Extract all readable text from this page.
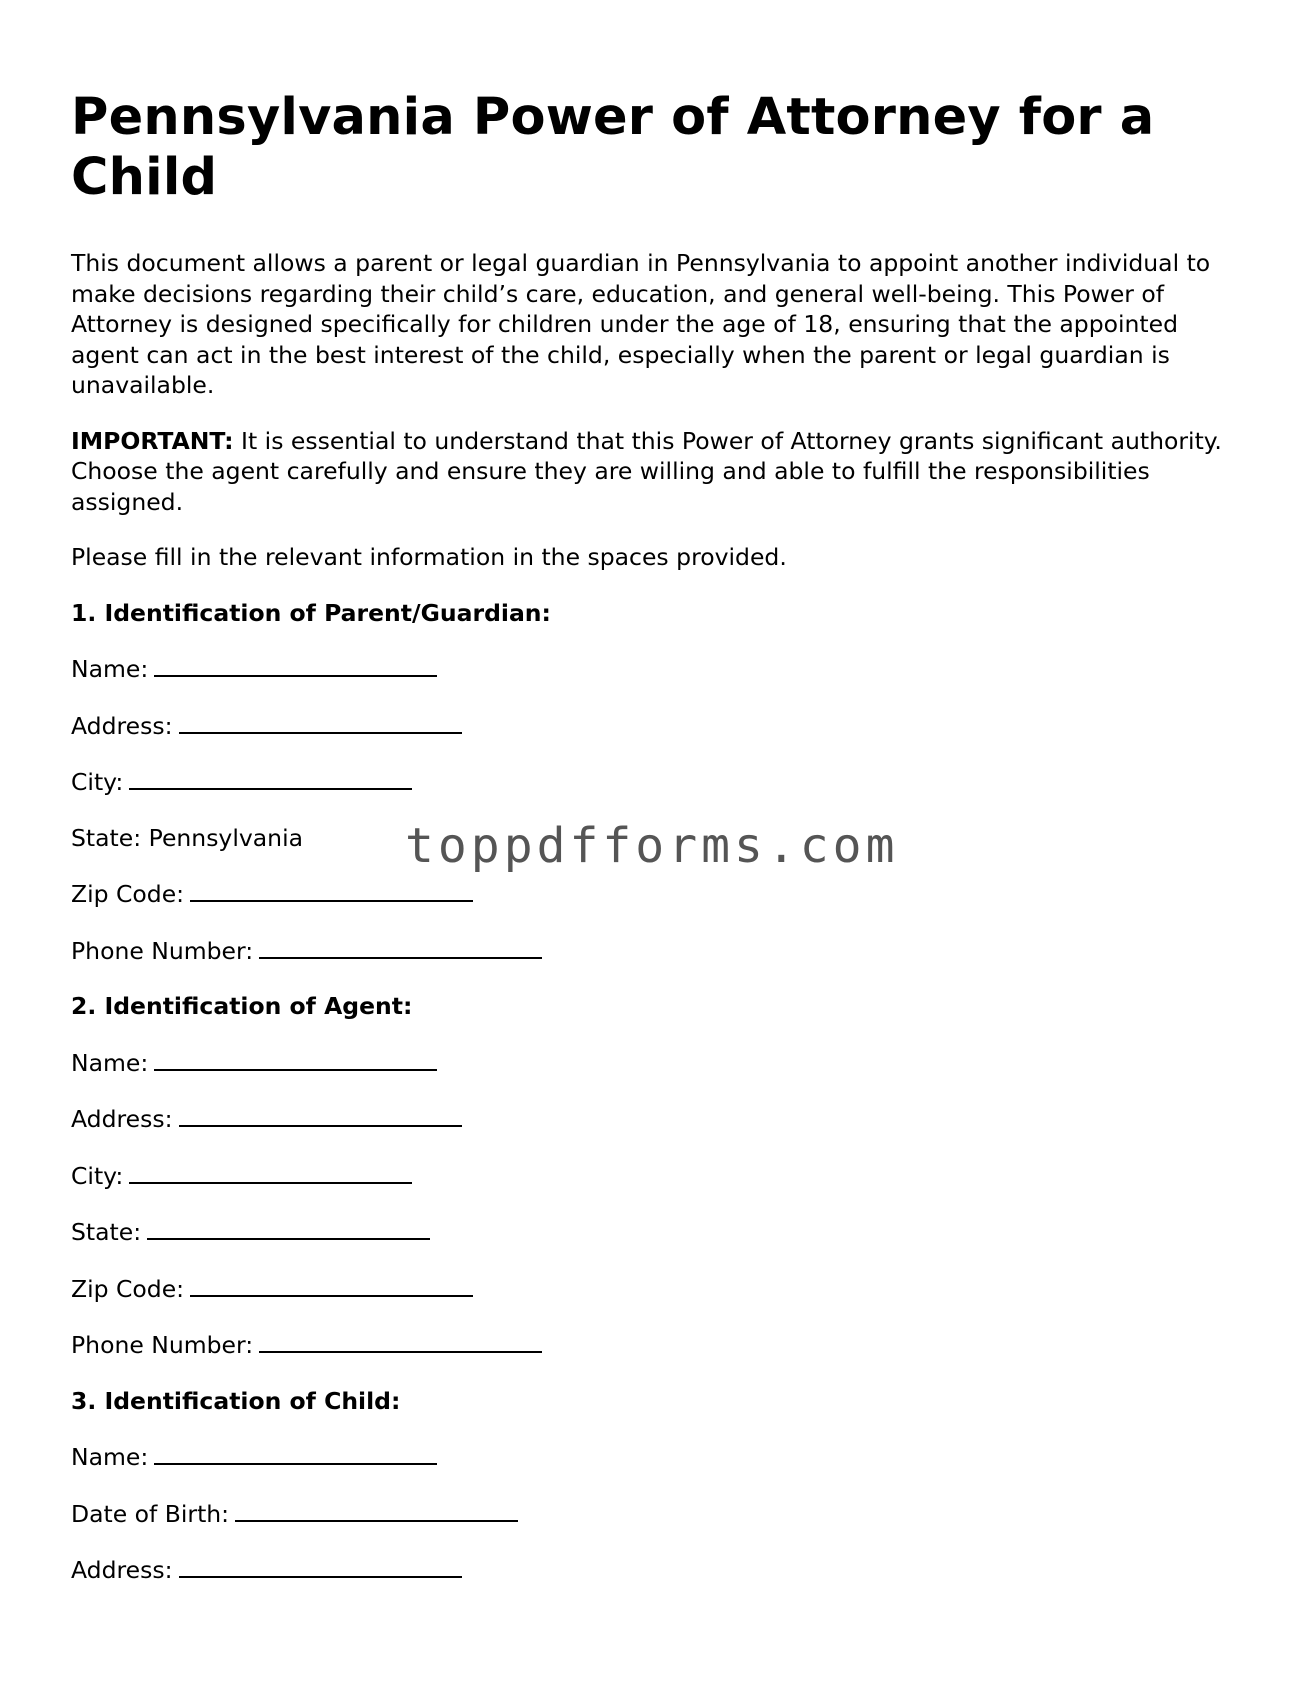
Pennsylvania Power of Attorney for a Child

This document allows a parent or legal guardian in Pennsylvania to appoint another individual to make decisions regarding their child’s care, education, and general well-being. This Power of Attorney is designed specifically for children under the age of 18, ensuring that the appointed agent can act in the best interest of the child, especially when the parent or legal guardian is unavailable.

IMPORTANT: It is essential to understand that this Power of Attorney grants significant authority. Choose the agent carefully and ensure they are willing and able to fulfill the responsibilities assigned.

Please fill in the relevant information in the spaces provided.

1. Identification of Parent/Guardian:
Name:
Address:
City:
State: Pennsylvania
Zip Code:
Phone Number:
2. Identification of Agent:
Name:
Address:
City:
State:
Zip Code:
Phone Number:
3. Identification of Child:
Name:
Date of Birth:
Address:
toppdfforms.com
